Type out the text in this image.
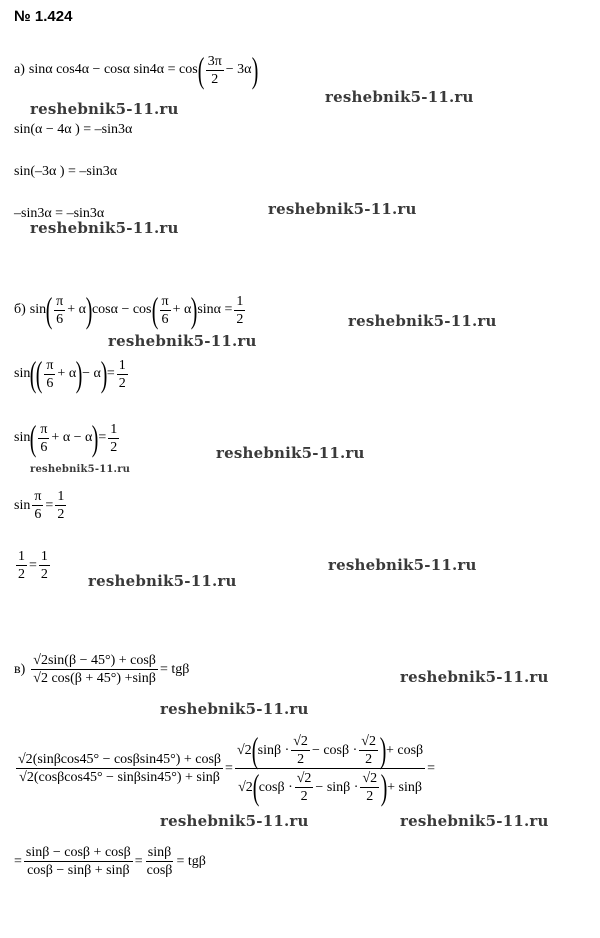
№ 1.424
а) sinα cos4α − cosα sin4α = cos ( $\frac{3\pi}{2} - 3\alpha$ )
reshebnik5-11.ru
reshebnik5-11.ru
sin(α − 4α ) = –sin3α
sin(–3α ) = –sin3α
–sin3α = –sin3α	reshebnik5-11.ru
reshebnik5-11.ru
б) sin ( $\frac{\pi}{6} + \alpha$ ) cosα − cos ( $\frac{\pi}{6} + \alpha$ ) $\sin\alpha = \frac{1}{2}$	reshebnik5-11.ru
reshebnik5-11.ru
sin ( ( $\frac{\pi}{6} + \alpha$ ) − α ) = $\frac{1}{2}$
sin ( $\frac{\pi}{6} + \alpha - \alpha$ ) = $\frac{1}{2}$
reshebnik5-11.ru
reshebnik5-11.ru
$\sin \frac{\pi}{6} = \frac{1}{2}$
$\frac{1}{2} = \frac{1}{2}$	reshebnik5-11.ru
reshebnik5-11.ru
$в) \frac{√2\sin(\beta - 45^\circ) + \cos\beta}{√2 \cos(\beta + 45^\circ) +\sin\beta} = tg\beta$	reshebnik5-11.ru
reshebnik5-11.ru
$\frac{√2(\sin\beta\cos 45^\circ - \cos\beta\sin 45^\circ) + \cos\beta}{√2(\cos\beta\cos 45^\circ - \sin\beta\sin 45^\circ) + \sin\beta}$ =
√2 ( $\sin\beta \cdot \frac{√2}{2} - \cos\beta \cdot \frac{√2}{2}$ ) + cosβ
√2 ( $\cos\beta \cdot \frac{√2}{2} - \sin\beta \cdot \frac{√2}{2}$ ) + sinβ
=
reshebnik5-11.ru	reshebnik5-11.ru
= $\frac{\sin\beta - \cos\beta + \cos\beta}{\cos\beta - \sin\beta + \sin\beta} = \frac{\sin\beta}{\cos\beta} = tg\beta$
